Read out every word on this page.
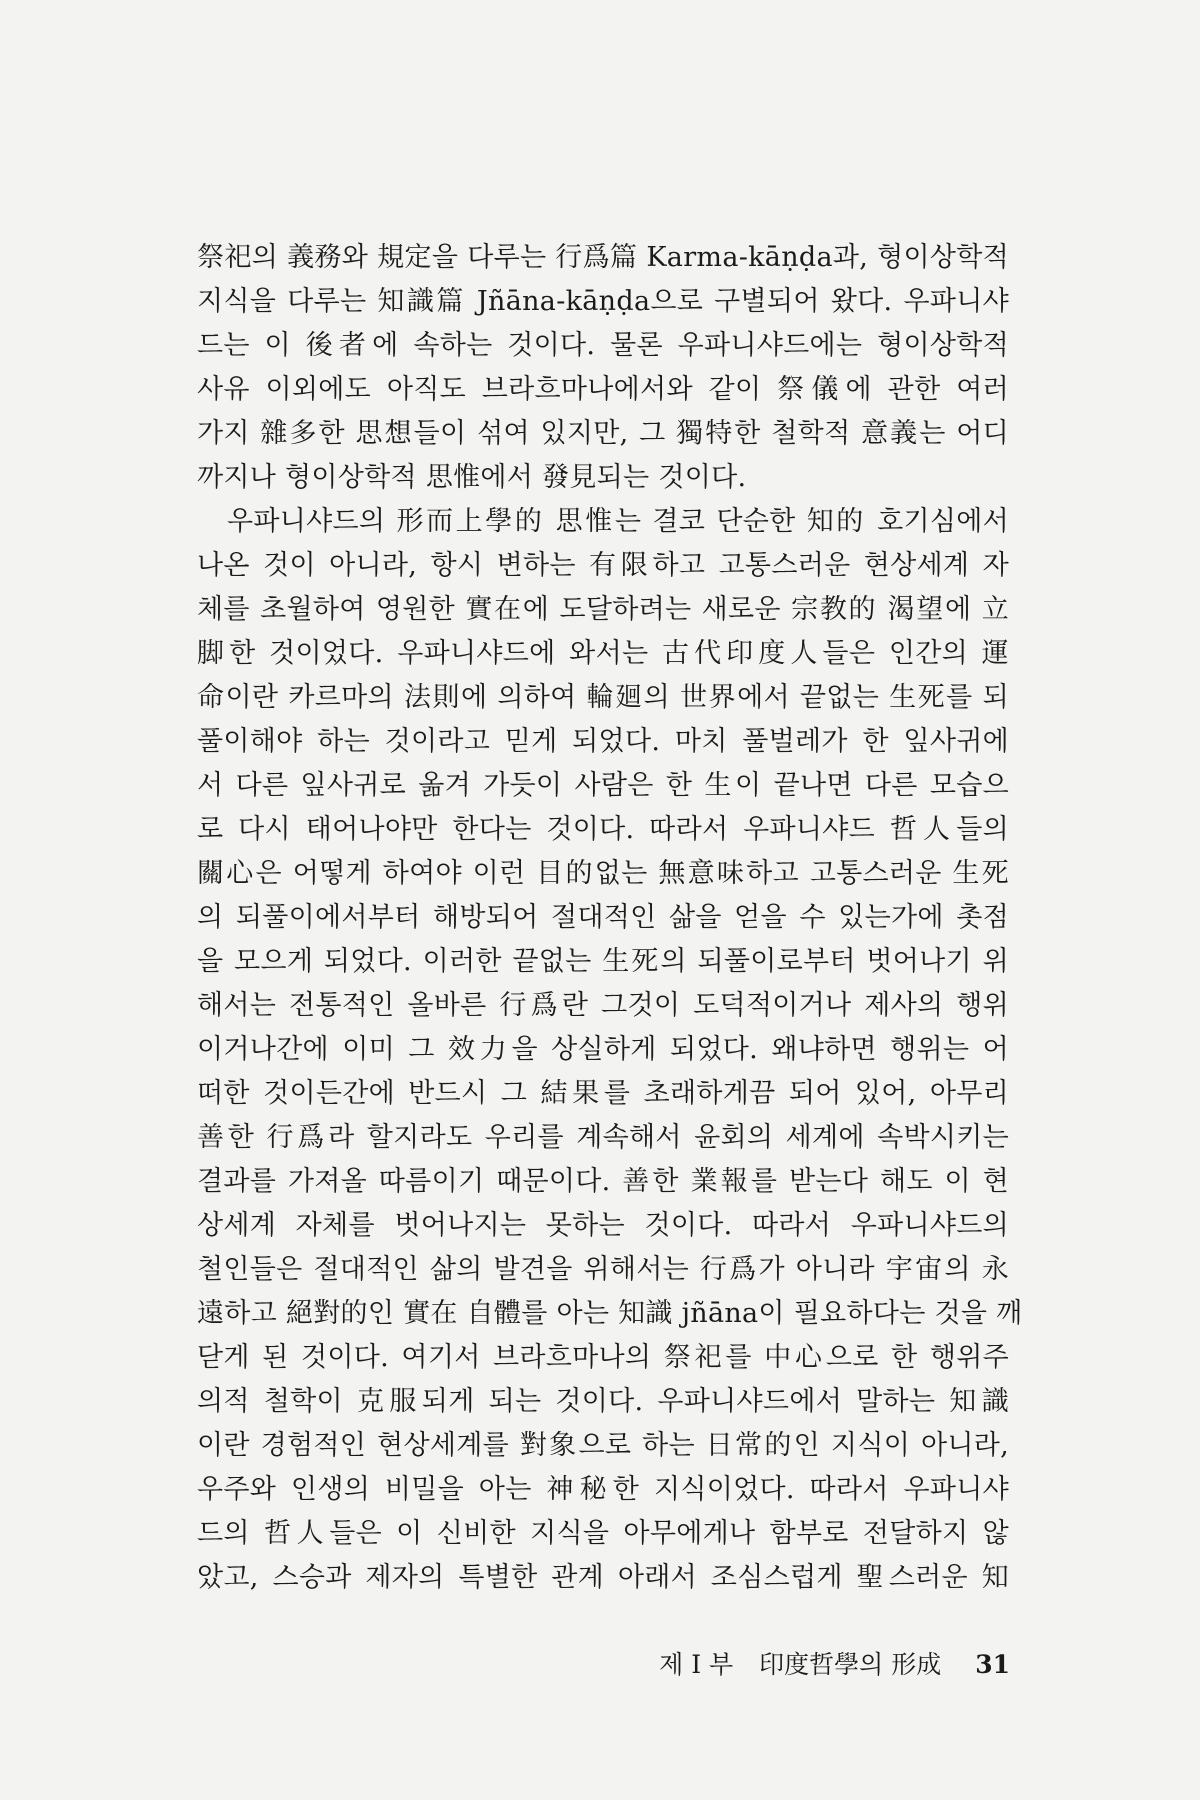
祭祀의 義務와 規定을 다루는 行爲篇 Karma-kāṇḍa과, 형이상학적
지식을 다루는 知識篇 Jñāna-kāṇḍa으로 구별되어 왔다. 우파니샤
드는 이 後者에 속하는 것이다. 물론 우파니샤드에는 형이상학적
사유 이외에도 아직도 브라흐마나에서와 같이 祭儀에 관한 여러
가지 雜多한 思想들이 섞여 있지만, 그 獨特한 철학적 意義는 어디
까지나 형이상학적 思惟에서 發見되는 것이다.
우파니샤드의 形而上學的 思惟는 결코 단순한 知的 호기심에서
나온 것이 아니라, 항시 변하는 有限하고 고통스러운 현상세계 자
체를 초월하여 영원한 實在에 도달하려는 새로운 宗教的 渴望에 立
脚한 것이었다. 우파니샤드에 와서는 古代印度人들은 인간의 運
命이란 카르마의 法則에 의하여 輪廻의 世界에서 끝없는 生死를 되
풀이해야 하는 것이라고 믿게 되었다. 마치 풀벌레가 한 잎사귀에
서 다른 잎사귀로 옮겨 가듯이 사람은 한 生이 끝나면 다른 모습으
로 다시 태어나야만 한다는 것이다. 따라서 우파니샤드 哲人들의
關心은 어떻게 하여야 이런 目的없는 無意味하고 고통스러운 生死
의 되풀이에서부터 해방되어 절대적인 삶을 얻을 수 있는가에 촛점
을 모으게 되었다. 이러한 끝없는 生死의 되풀이로부터 벗어나기 위
해서는 전통적인 올바른 行爲란 그것이 도덕적이거나 제사의 행위
이거나간에 이미 그 效力을 상실하게 되었다. 왜냐하면 행위는 어
떠한 것이든간에 반드시 그 結果를 초래하게끔 되어 있어, 아무리
善한 行爲라 할지라도 우리를 계속해서 윤회의 세계에 속박시키는
결과를 가져올 따름이기 때문이다. 善한 業報를 받는다 해도 이 현
상세계 자체를 벗어나지는 못하는 것이다. 따라서 우파니샤드의
철인들은 절대적인 삶의 발견을 위해서는 行爲가 아니라 宇宙의 永
遠하고 絕對的인 實在 自體를 아는 知識 jñāna이 필요하다는 것을 깨
닫게 된 것이다. 여기서 브라흐마나의 祭祀를 中心으로 한 행위주
의적 철학이 克服되게 되는 것이다. 우파니샤드에서 말하는 知識
이란 경험적인 현상세계를 對象으로 하는 日常的인 지식이 아니라,
우주와 인생의 비밀을 아는 神秘한 지식이었다. 따라서 우파니샤
드의 哲人들은 이 신비한 지식을 아무에게나 함부로 전달하지 않
았고, 스승과 제자의 특별한 관계 아래서 조심스럽게 聖스러운 知
제 I 부 印度哲學의 形成 31
